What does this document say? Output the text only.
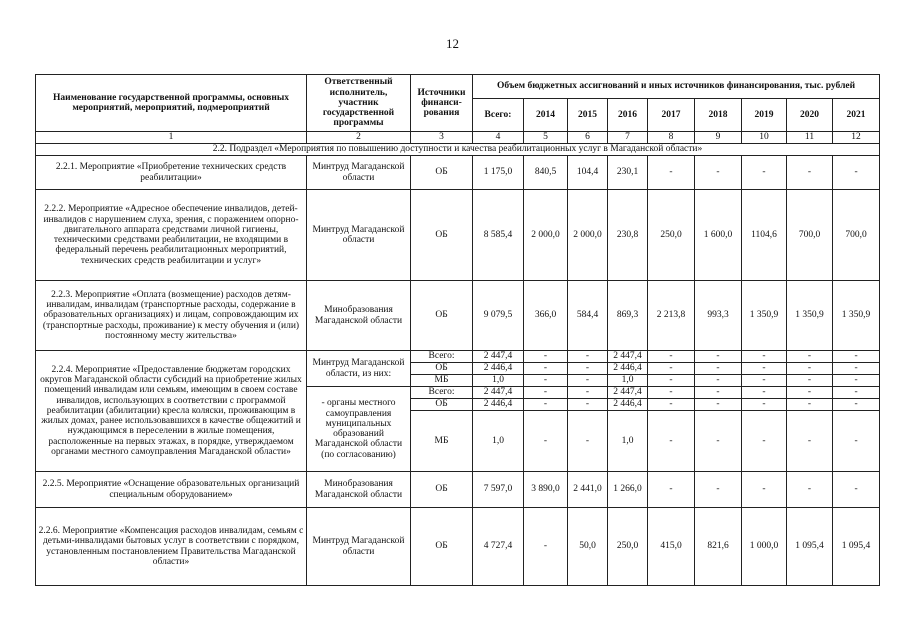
12
Наименование государственной программы, основных мероприятий, мероприятий, подмероприятий	Ответственный исполнитель, участник государственной программы	Источники финанси-рования	Объем бюджетных ассигнований и иных источников финансирования, тыс. рублей								
			Всего:	2014	2015	2016	2017	2018	2019	2020	2021
1	2	3	4	5	6	7	8	9	10	11	12
2.2. Подраздел «Мероприятия по повышению доступности и качества реабилитационных услуг в Магаданской области»											
2.2.1. Мероприятие «Приобретение технических средств реабилитации»	Минтруд Магаданской области	ОБ	1 175,0	840,5	104,4	230,1	-	-	-	-	-
2.2.2. Мероприятие «Адресное обеспечение инвалидов, детей-инвалидов с нарушением слуха, зрения, с поражением опорно-двигательного аппарата средствами личной гигиены, техническими средствами реабилитации, не входящими в федеральный перечень реабилитационных мероприятий, технических средств реабилитации и услуг»	Минтруд Магаданской области	ОБ	8 585,4	2 000,0	2 000,0	230,8	250,0	1 600,0	1104,6	700,0	700,0
2.2.3. Мероприятие «Оплата (возмещение) расходов детям-инвалидам, инвалидам (транспортные расходы, содержание в образовательных организациях) и лицам, сопровождающим их (транспортные расходы, проживание) к месту обучения и (или) постоянному месту жительства»	Минобразования Магаданской области	ОБ	9 079,5	366,0	584,4	869,3	2 213,8	993,3	1 350,9	1 350,9	1 350,9
2.2.4. Мероприятие «Предоставление бюджетам городских округов Магаданской области субсидий на приобретение жилых помещений инвалидам или семьям, имеющим в своем составе инвалидов, использующих в соответствии с программой реабилитации (абилитации) кресла коляски, проживающим в жилых домах, ранее использовавшихся в качестве общежитий и нуждающимся в переселении в жилые помещения, расположенные на первых этажах, в порядке, утверждаемом органами местного самоуправления Магаданской области»	Минтруд Магаданской области, из них:	Всего:	2 447,4	-	-	2 447,4	-	-	-	-	-
		ОБ	2 446,4	-	-	2 446,4	-	-	-	-	-
		МБ	1,0	-	-	1,0	-	-	-	-	-
	- органы местного самоуправления муниципальных образований Магаданской области (по согласованию)	Всего:	2 447,4	-	-	2 447,4	-	-	-	-	-
		ОБ	2 446,4	-	-	2 446,4	-	-	-	-	-
		МБ	1,0	-	-	1,0	-	-	-	-	-
2.2.5. Мероприятие «Оснащение образовательных организаций специальным оборудованием»	Минобразования Магаданской области	ОБ	7 597,0	3 890,0	2 441,0	1 266,0	-	-	-	-	-
2.2.6. Мероприятие «Компенсация расходов инвалидам, семьям с детьми-инвалидами бытовых услуг в соответствии с порядком, установленным постановлением Правительства Магаданской области»	Минтруд Магаданской области	ОБ	4 727,4	-	50,0	250,0	415,0	821,6	1 000,0	1 095,4	1 095,4
